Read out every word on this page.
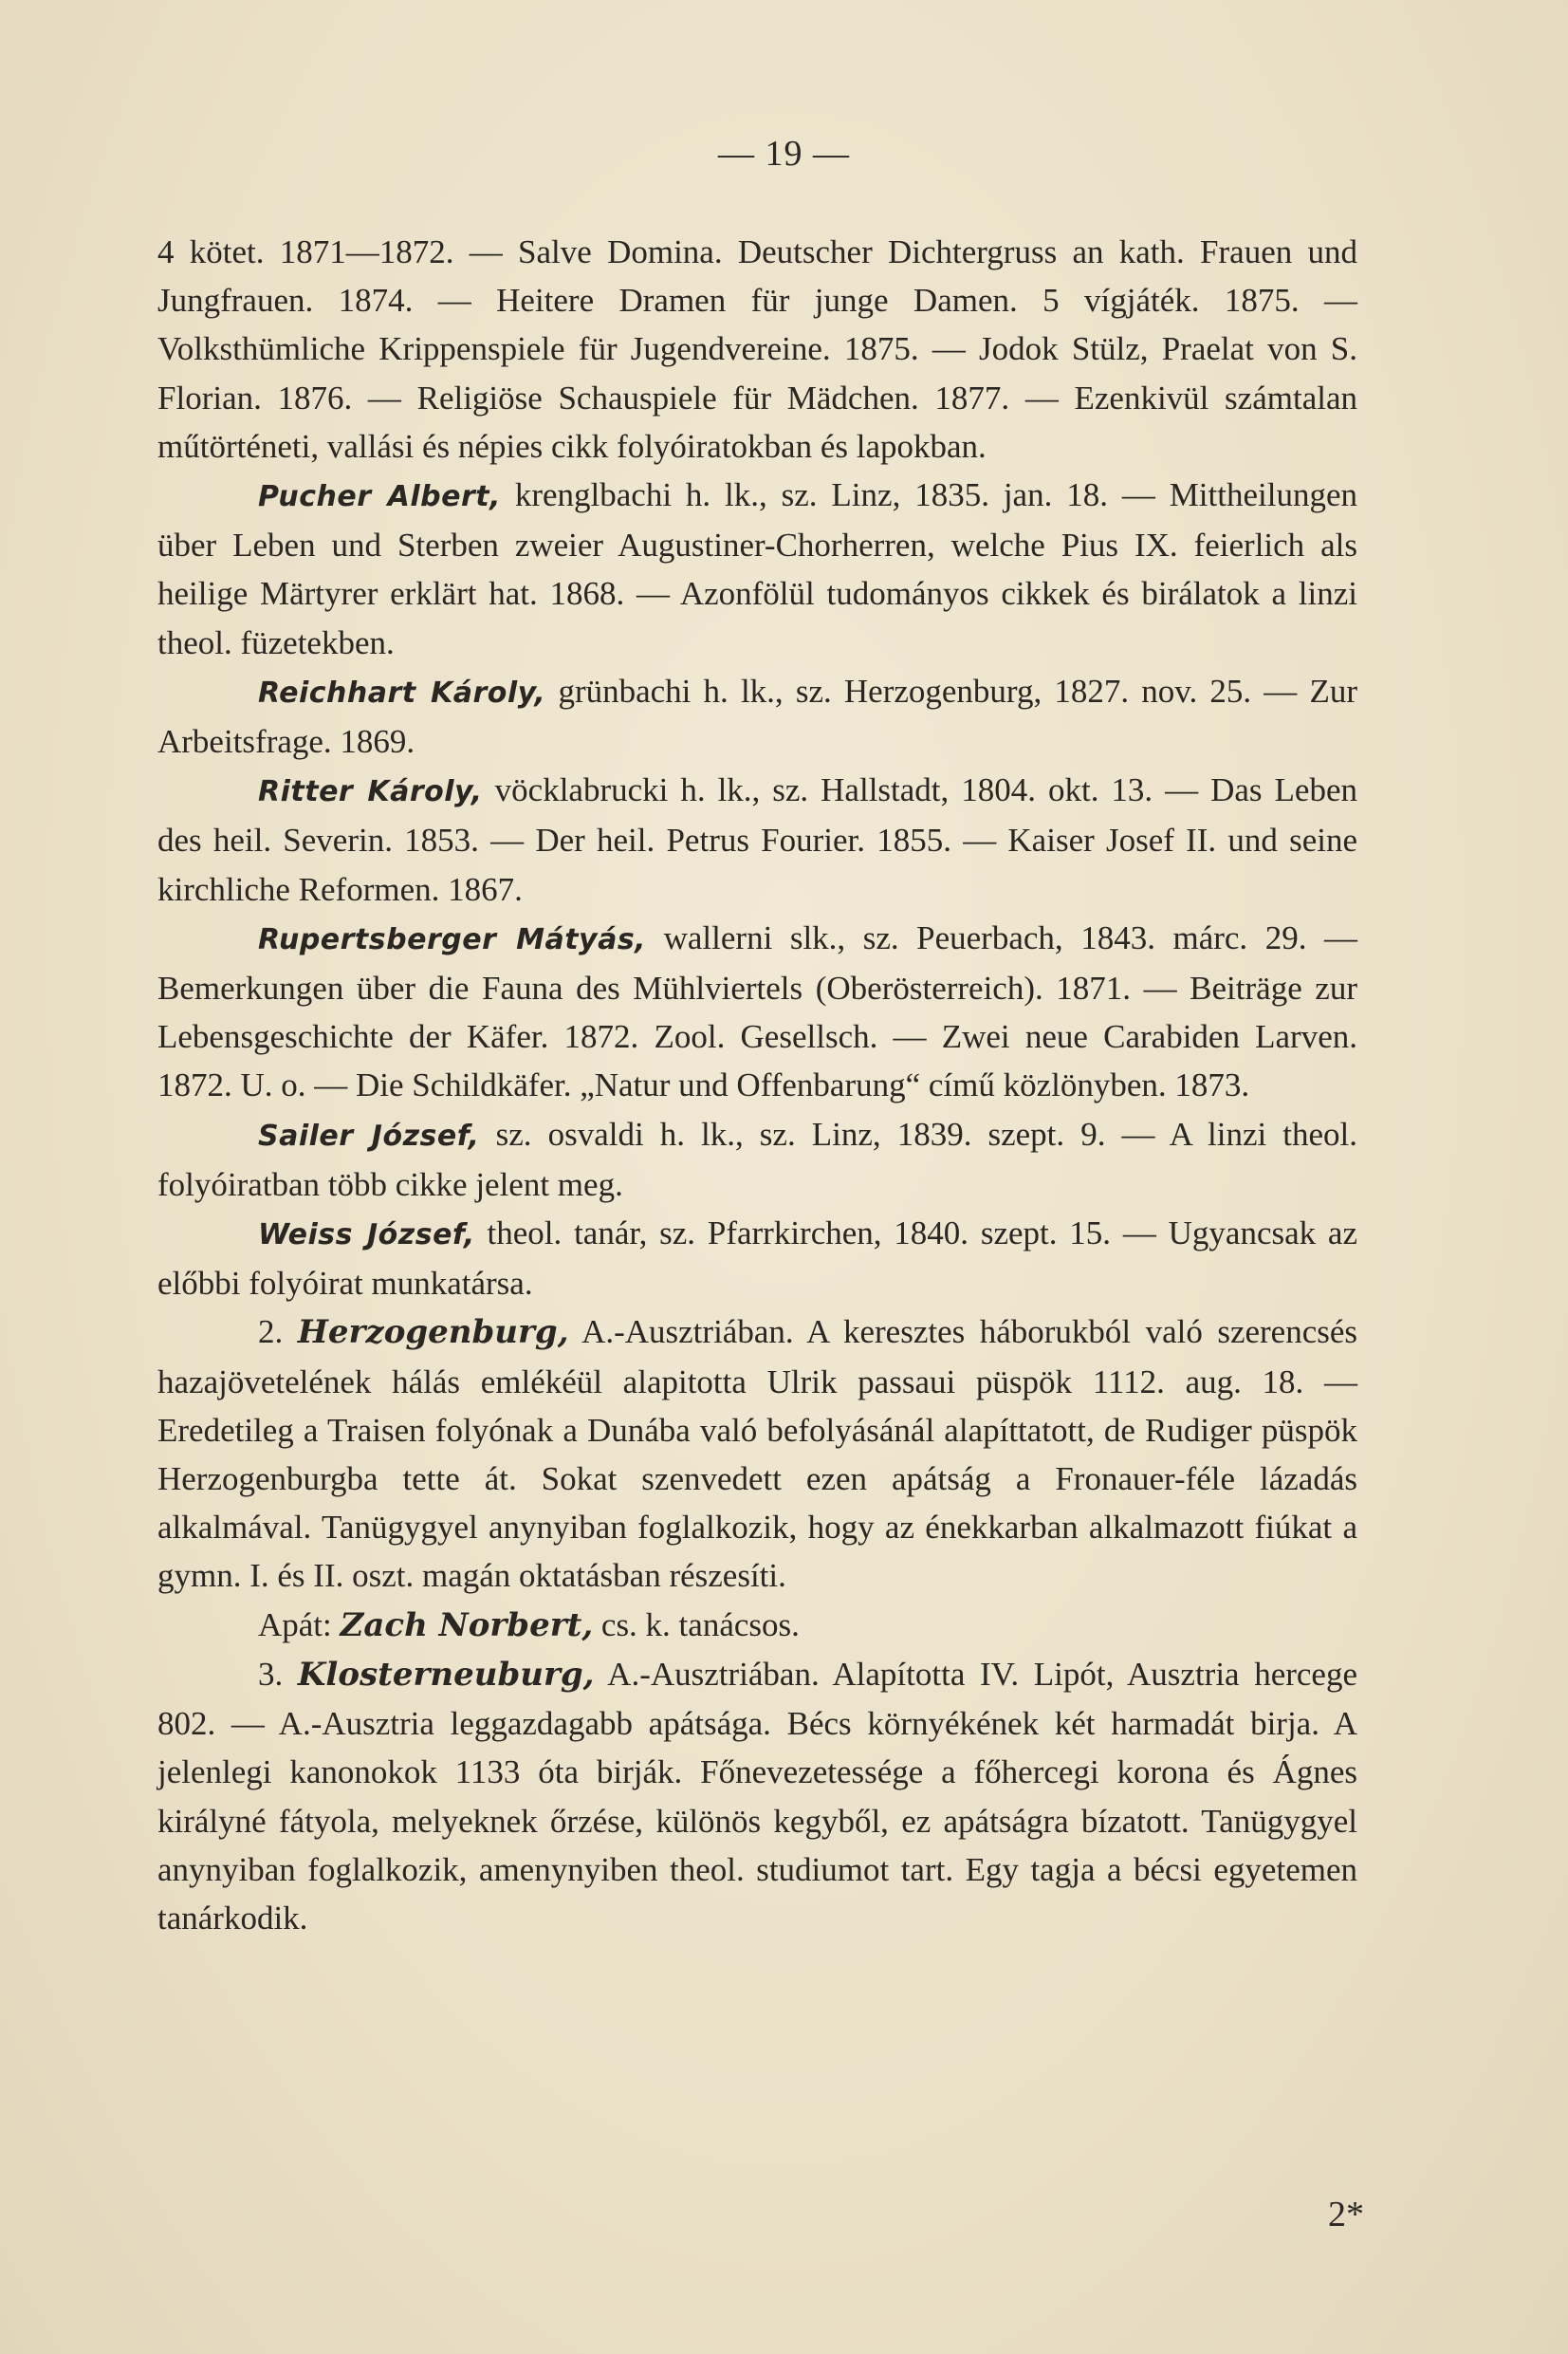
— 19 —

4 kötet. 1871—1872. — Salve Domina. Deutscher Dichtergruss an kath. Frauen und Jungfrauen. 1874. — Heitere Dramen für junge Damen. 5 vígjáték. 1875. — Volksthümliche Krippenspiele für Jugendvereine. 1875. — Jodok Stülz, Praelat von S. Florian. 1876. — Religiöse Schauspiele für Mädchen. 1877. — Ezenkivül számtalan műtörténeti, vallási és népies cikk folyóiratokban és lapokban.

Pucher Albert, krenglbachi h. lk., sz. Linz, 1835. jan. 18. — Mittheilungen über Leben und Sterben zweier Augustiner-Chorherren, welche Pius IX. feierlich als heilige Märtyrer erklärt hat. 1868. — Azonfölül tudományos cikkek és birálatok a linzi theol. füzetekben.

Reichhart Károly, grünbachi h. lk., sz. Herzogenburg, 1827. nov. 25. — Zur Arbeitsfrage. 1869.

Ritter Károly, vöcklabrucki h. lk., sz. Hallstadt, 1804. okt. 13. — Das Leben des heil. Severin. 1853. — Der heil. Petrus Fourier. 1855. — Kaiser Josef II. und seine kirchliche Reformen. 1867.

Rupertsberger Mátyás, wallerni slk., sz. Peuerbach, 1843. márc. 29. — Bemerkungen über die Fauna des Mühlviertels (Oberösterreich). 1871. — Beiträge zur Lebensgeschichte der Käfer. 1872. Zool. Gesellsch. — Zwei neue Carabiden Larven. 1872. U. o. — Die Schildkäfer. „Natur und Offenbarung“ című közlönyben. 1873.

Sailer József, sz. osvaldi h. lk., sz. Linz, 1839. szept. 9. — A linzi theol. folyóiratban több cikke jelent meg.

Weiss József, theol. tanár, sz. Pfarrkirchen, 1840. szept. 15. — Ugyancsak az előbbi folyóirat munkatársa.

2. Herzogenburg, A.-Ausztriában. A keresztes háborukból való szerencsés hazajövetelének hálás emlékéül alapitotta Ulrik passaui püspök 1112. aug. 18. — Eredetileg a Traisen folyónak a Dunába való befolyásánál alapíttatott, de Rudiger püspök Herzogenburgba tette át. Sokat szenvedett ezen apátság a Fronauer-féle lázadás alkalmával. Tanügygyel anynyiban foglalkozik, hogy az énekkarban alkalmazott fiúkat a gymn. I. és II. oszt. magán oktatásban részesíti.

Apát: Zach Norbert, cs. k. tanácsos.

3. Klosterneuburg, A.-Ausztriában. Alapította IV. Lipót, Ausztria hercege 802. — A.-Ausztria leggazdagabb apátsága. Bécs környékének két harmadát birja. A jelenlegi kanonokok 1133 óta birják. Főnevezetessége a főhercegi korona és Ágnes királyné fátyola, melyeknek őrzése, különös kegyből, ez apátságra bízatott. Tanügygyel anynyiban foglalkozik, amenynyiben theol. studiumot tart. Egy tagja a bécsi egyetemen tanárkodik.

2*
